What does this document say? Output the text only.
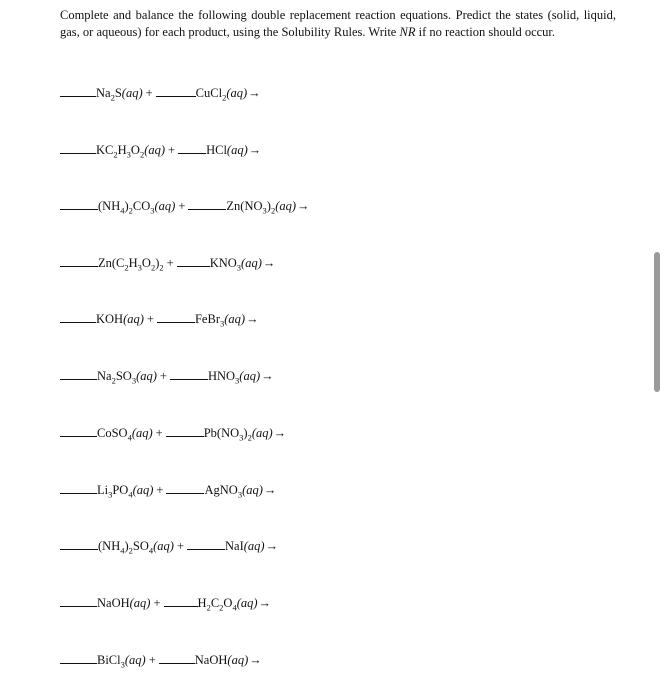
Complete and balance the following double replacement reaction equations. Predict the states (solid, liquid, gas, or aqueous) for each product, using the Solubility Rules. Write NR if no reaction should occur.

$Na_2S(aq)$ +	CuCl$_2$(aq) →
$KC_2H_3O_2(aq) + HCl(aq)$ →
$(NH_4)_2CO_3(aq)$ +	$Zn(NO_3)_2(aq)$ →
$Zn(C_2H_3O_2)_2$ +	$KNO_3(aq)$ →
KOH(aq) +	FeBr$_3$(aq) →
$Na_2SO_3(aq)$ +	$HNO_3(aq)$ →
CoSO$_4$(aq) +	$Pb(NO_3)_2(aq)$ →
$Li_3PO_4(aq)$ +	AgNO$_3$(aq) →
$(NH_4)_2SO_4(aq)$ +	NaI(aq) →
NaOH(aq) +	$H_2C_2O_4(aq)$ →
BiCl$_3$(aq) +	NaOH(aq) →
